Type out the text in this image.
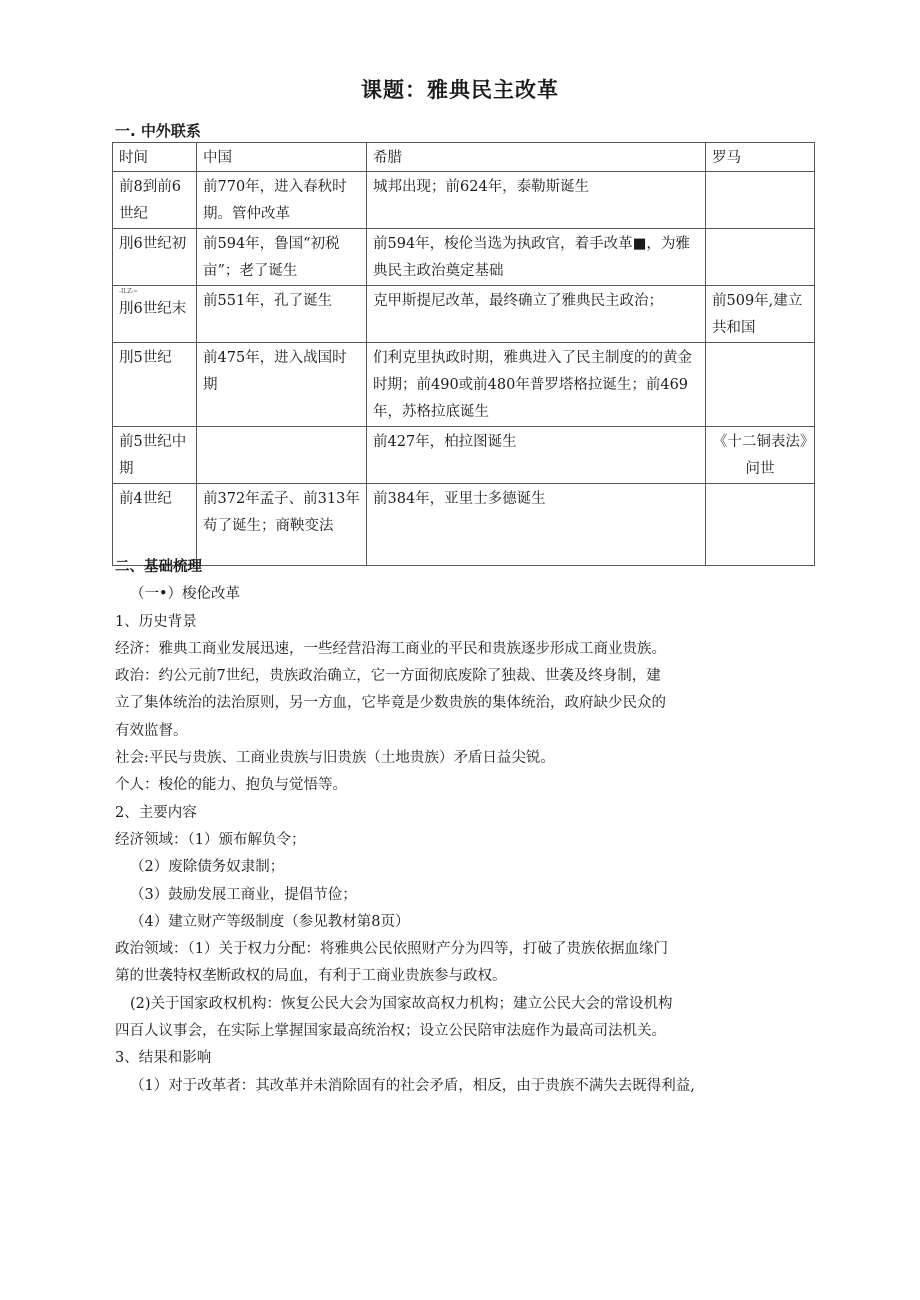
课题：雅典民主改革
一. 中外联系
时间	中国	希腊	罗马
前8到前6世纪	前770年，进入春秋时期。管仲改革	城邦出现；前624年，泰勒斯诞生	
刖6世纪初	前594年，鲁国“初税亩”；老了诞生	前594年，梭伦当选为执政官，着手改革■，为雅典民主政治奠定基础	

-ILZ-»
刖6世纪末	前551年，孔了诞生	克甲斯提尼改革，最终确立了雅典民主政治；	前509年,建立共和国
刖5世纪	前475年，进入战国时期	们利克里执政时期，雅典进入了民主制度的的黄金时期；前490或前480年普罗塔格拉诞生；前469年，苏格拉底诞生	
前5世纪中期		前427年，柏拉图诞生	《十二铜表法》问世
前4世纪	前372年孟子、前313年苟了诞生；商鞅变法	前384年，亚里士多德诞生	

二、基础梳理

（一•）梭伦改革

1、历史背景

经济：雅典工商业发展迅速，一些经营沿海工商业的平民和贵族逐步形成工商业贵族。

政治：约公元前7世纪，贵族政治确立，它一方面彻底废除了独裁、世袭及终身制，建

立了集体统治的法治原则，另一方血，它毕竟是少数贵族的集体统治，政府缺少民众的

有效监督。

社会:平民与贵族、工商业贵族与旧贵族（土地贵族）矛盾日益尖锐。

个人：梭伦的能力、抱负与觉悟等。

2、主要内容

经济领域：（1）颁布解负令；

（2）废除债务奴隶制；

（3）鼓励发展工商业，提倡节俭；

（4）建立财产等级制度（参见教材第8页）

政治领域：（1）关于权力分配：将雅典公民依照财产分为四等，打破了贵族依据血缘门

第的世袭特权垄断政权的局血，有利于工商业贵族参与政权。

(2)关于国家政权机构：恢复公民大会为国家故高权力机构；建立公民大会的常设机构

四百人议事会，在实际上掌握国家最高统治权；设立公民陪审法庭作为最高司法机关。

3、结果和影响

（1）对于改革者：其改革并未消除固有的社会矛盾，相反，由于贵族不满失去既得利益,
